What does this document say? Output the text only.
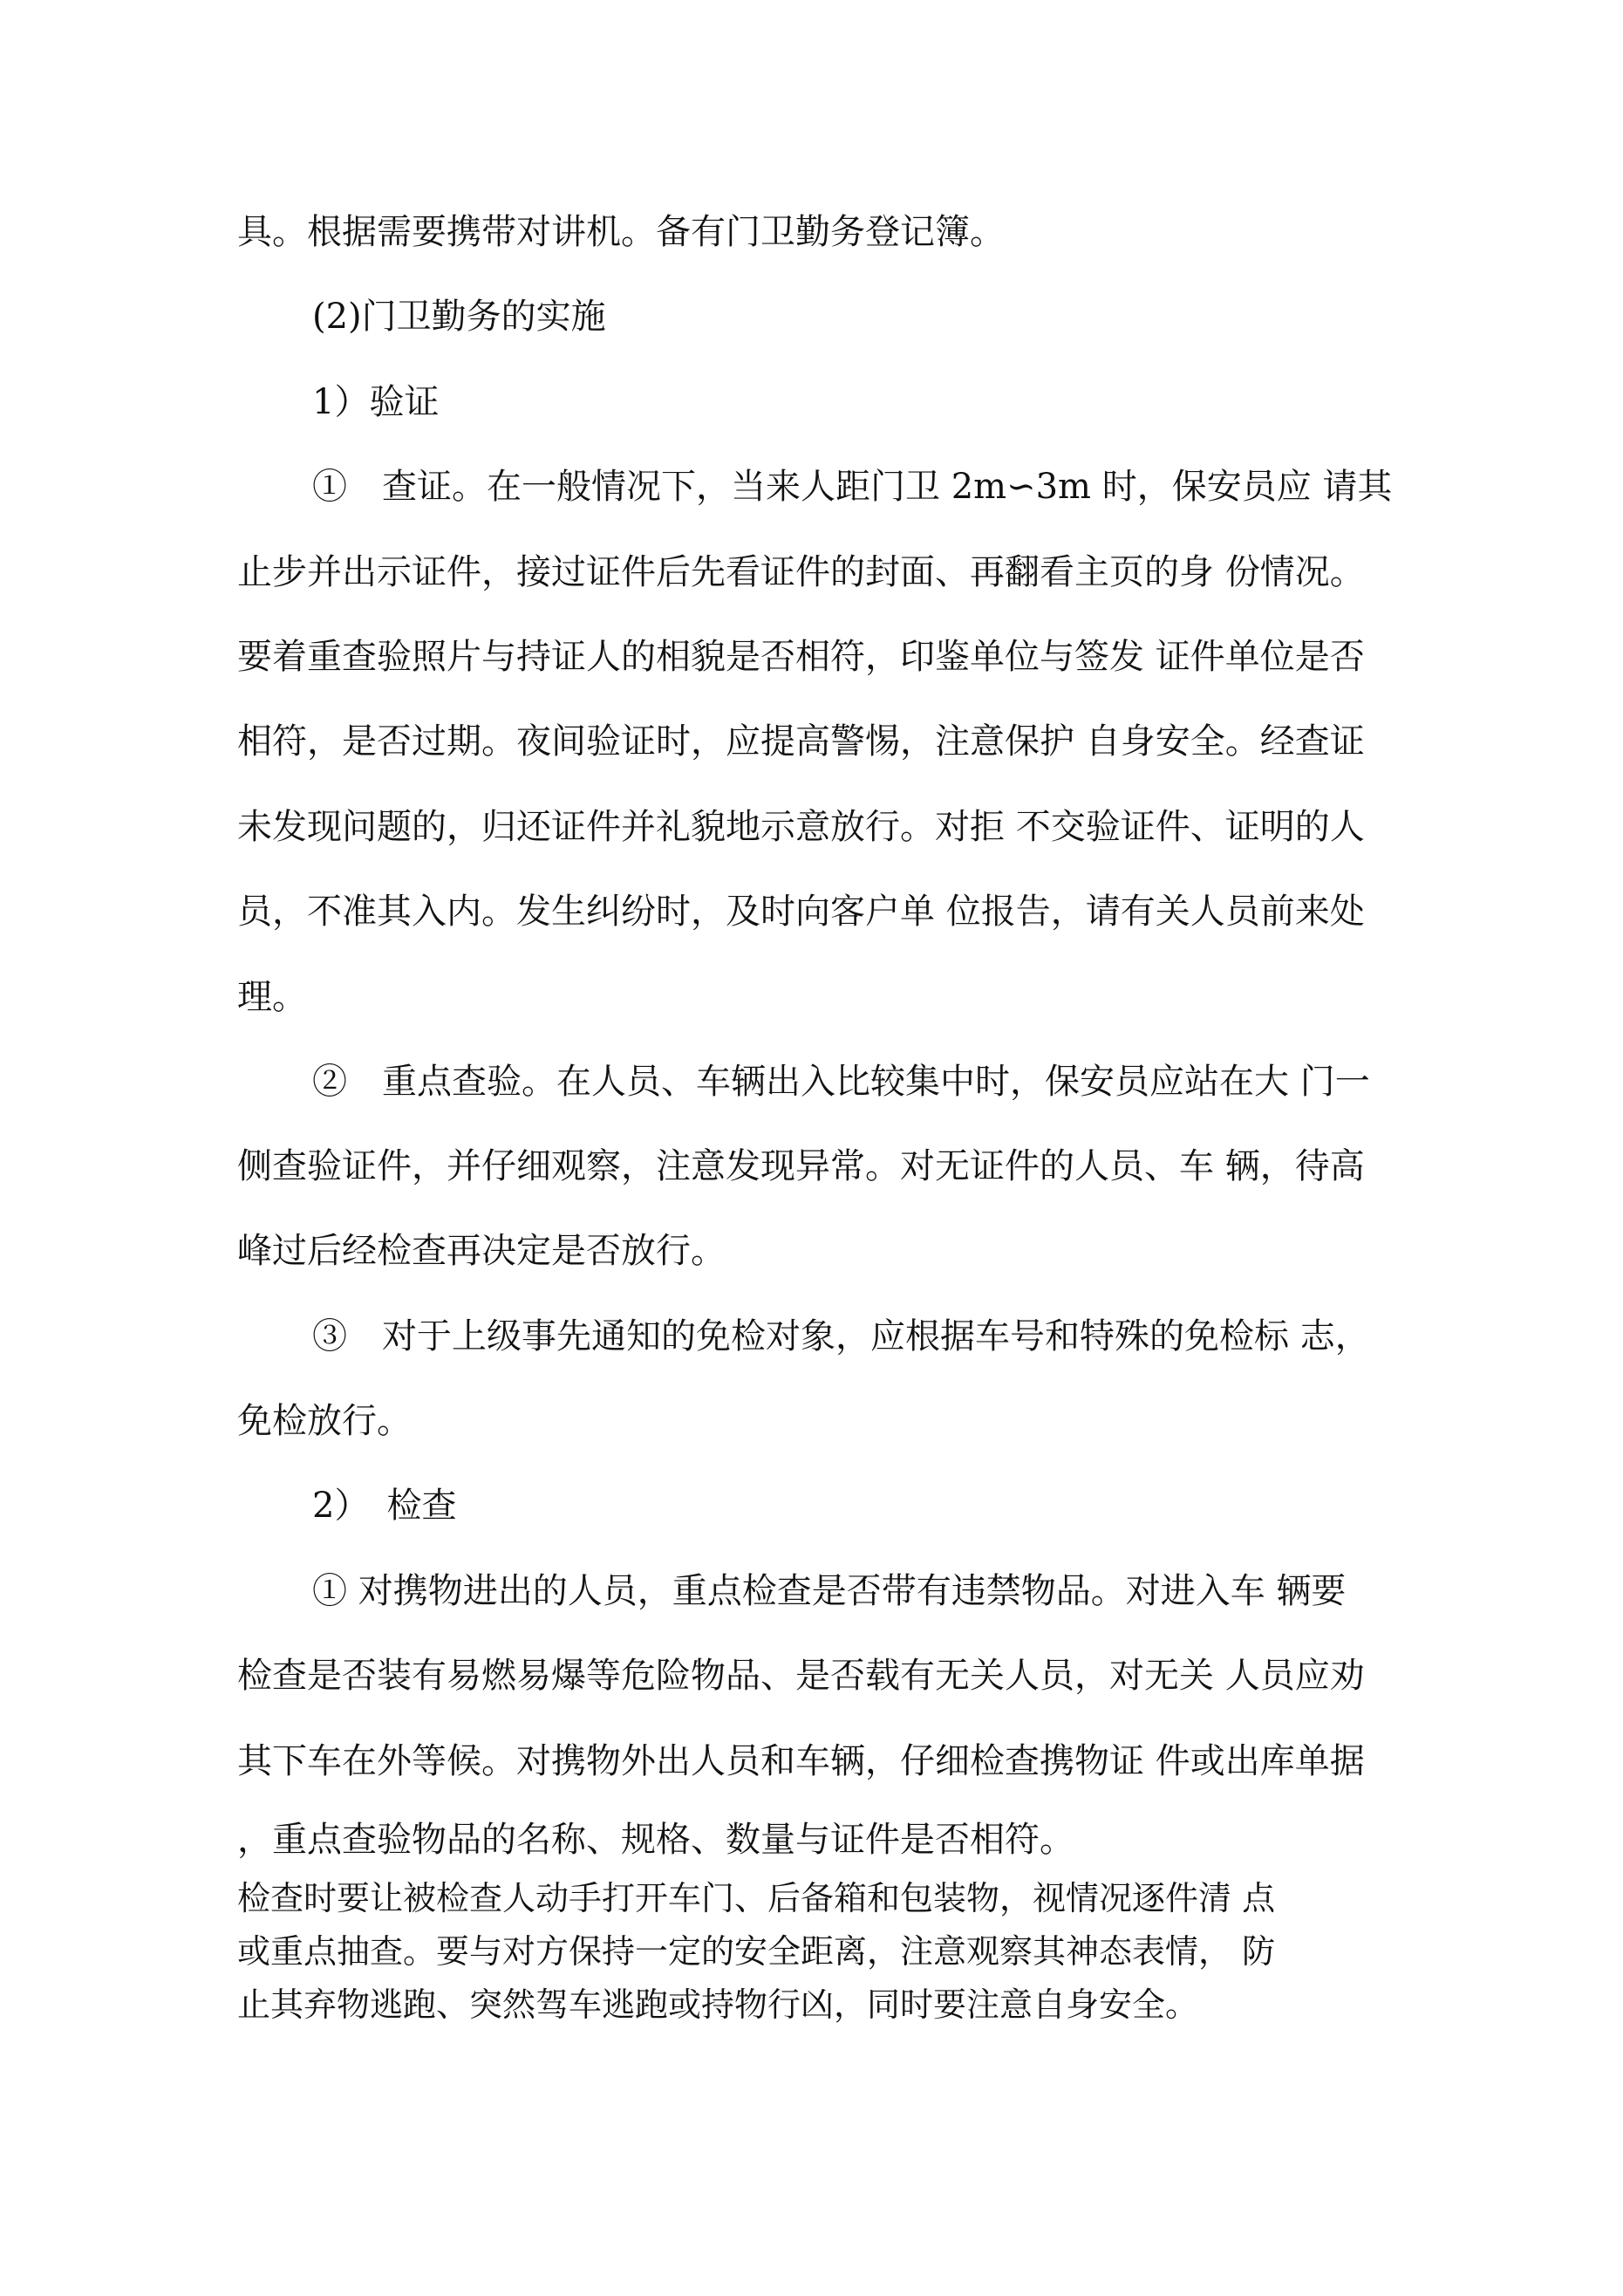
具。根据需要携带对讲机。备有门卫勤务登记簿。
(2)门卫勤务的实施
1）验证
①　查证。在一般情况下，当来人距门卫 2m∽3m 时，保安员应 请其
止步并出示证件，接过证件后先看证件的封面、再翻看主页的身 份情况。
要着重查验照片与持证人的相貌是否相符，印鉴单位与签发 证件单位是否
相符，是否过期。夜间验证时，应提高警惕，注意保护 自身安全。经查证
未发现问题的，归还证件并礼貌地示意放行。对拒 不交验证件、证明的人
员，不准其入内。发生纠纷时，及时向客户单 位报告，请有关人员前来处
理。
②　重点查验。在人员、车辆出入比较集中时，保安员应站在大 门一
侧查验证件，并仔细观察，注意发现异常。对无证件的人员、车 辆，待高
峰过后经检查再决定是否放行。
③　对于上级事先通知的免检对象，应根据车号和特殊的免检标 志，
免检放行。
2）　检查
① 对携物进出的人员，重点检查是否带有违禁物品。对进入车 辆要
检查是否装有易燃易爆等危险物品、是否载有无关人员，对无关 人员应劝
其下车在外等候。对携物外出人员和车辆，仔细检查携物证 件或出库单据
，重点查验物品的名称、规格、数量与证件是否相符。
检查时要让被检查人动手打开车门、后备箱和包装物，视情况逐件清 点
或重点抽查。要与对方保持一定的安全距离，注意观察其神态表情， 防
止其弃物逃跑、突然驾车逃跑或持物行凶，同时要注意自身安全。
